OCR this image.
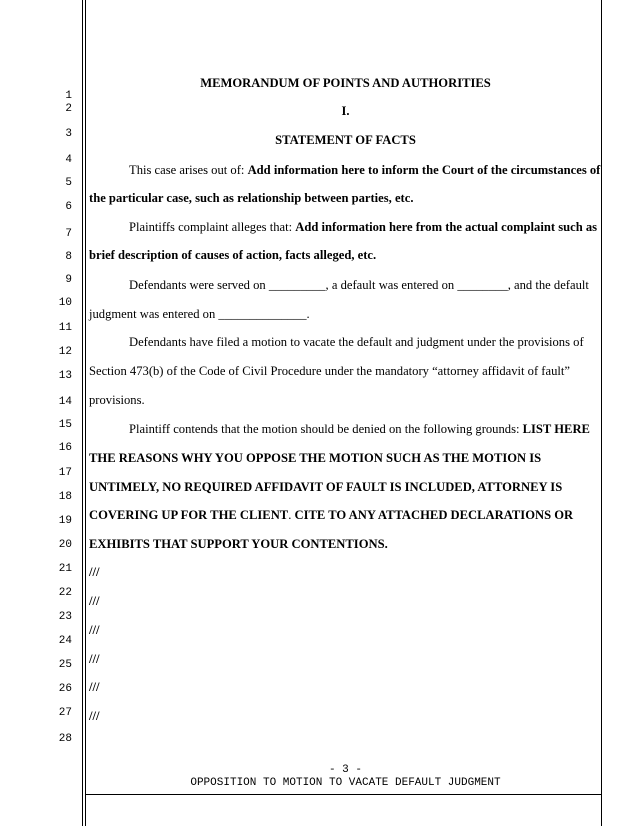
1
2
3
4
5
6
7
8
9
10
11
12
13
14
15
16
17
18
19
20
21
22
23
24
25
26
27
28
MEMORANDUM OF POINTS AND AUTHORITIES
I.
STATEMENT OF FACTS
This case arises out of: Add information here to inform the Court of the circumstances of
the particular case, such as relationship between parties, etc.
Plaintiffs complaint alleges that: Add information here from the actual complaint such as
brief description of causes of action, facts alleged, etc.
Defendants were served on _________, a default was entered on ________, and the default
judgment was entered on ______________.
Defendants have filed a motion to vacate the default and judgment under the provisions of
Section 473(b) of the Code of Civil Procedure under the mandatory “attorney affidavit of fault”
provisions.
Plaintiff contends that the motion should be denied on the following grounds: LIST HERE
THE REASONS WHY YOU OPPOSE THE MOTION SUCH AS THE MOTION IS
UNTIMELY, NO REQUIRED AFFIDAVIT OF FAULT IS INCLUDED, ATTORNEY IS
COVERING UP FOR THE CLIENT. CITE TO ANY ATTACHED DECLARATIONS OR
EXHIBITS THAT SUPPORT YOUR CONTENTIONS.
///
///
///
///
///
///
- 3 -
OPPOSITION TO MOTION TO VACATE DEFAULT JUDGMENT
